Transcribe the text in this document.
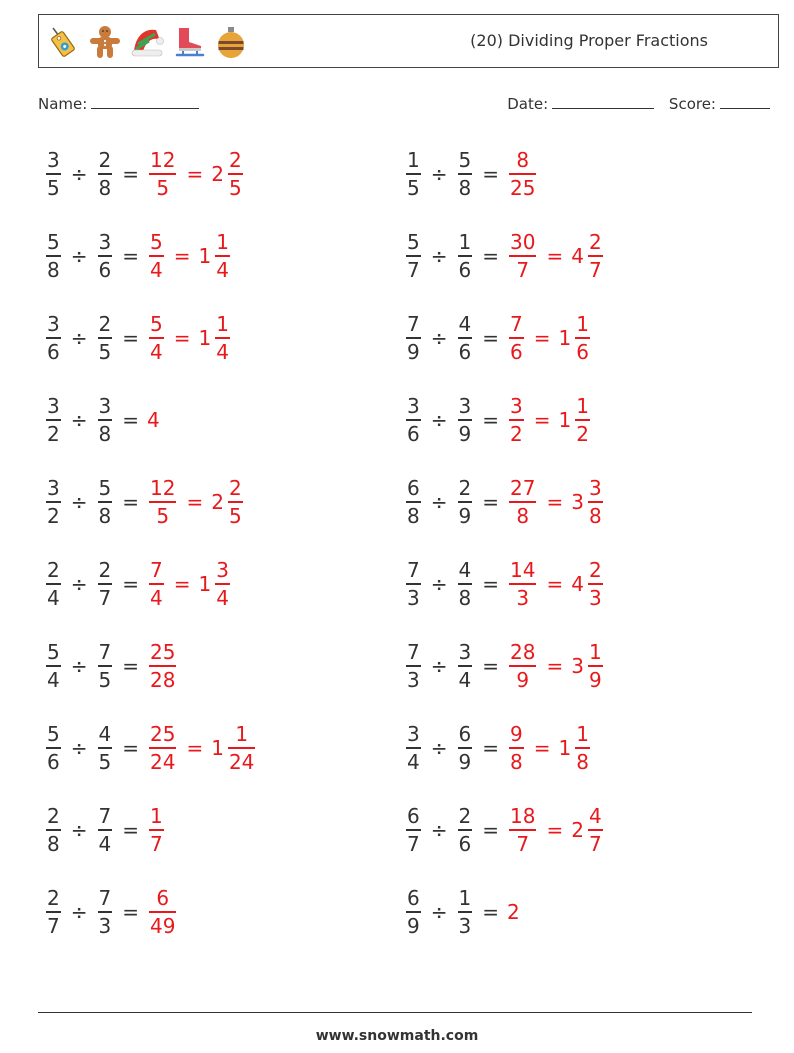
(20) Dividing Proper Fractions
Name:	Date:	Score:
$\frac{3}{5} \div \frac{2}{8} = \frac{12}{5} = 2 \frac{2}{5}$	$\frac{1}{5} \div \frac{5}{8} = \frac{8}{25}$
$\frac{5}{8} \div \frac{3}{6} = \frac{5}{4} = 1 \frac{1}{4}$	$\frac{5}{7} \div \frac{1}{6} = \frac{30}{7} = 4 \frac{2}{7}$
$\frac{3}{6} \div \frac{2}{5} = \frac{5}{4} = 1 \frac{1}{4}$	$\frac{7}{9} \div \frac{4}{6} = \frac{7}{6} = 1 \frac{1}{6}$
$\frac{3}{2} \div \frac{3}{8} = 4$	$\frac{3}{6} \div \frac{3}{9} = \frac{3}{2} = 1 \frac{1}{2}$
$\frac{3}{2} \div \frac{5}{8} = \frac{12}{5} = 2 \frac{2}{5}$	$\frac{6}{8} \div \frac{2}{9} = \frac{27}{8} = 3 \frac{3}{8}$
$\frac{2}{4} \div \frac{2}{7} = \frac{7}{4} = 1 \frac{3}{4}$	$\frac{7}{3} \div \frac{4}{8} = \frac{14}{3} = 4 \frac{2}{3}$
$\frac{5}{4} \div \frac{7}{5} = \frac{25}{28}$	$\frac{7}{3} \div \frac{3}{4} = \frac{28}{9} = 3 \frac{1}{9}$
$\frac{5}{6} \div \frac{4}{5} = \frac{25}{24} = 1 \frac{1}{24}$	$\frac{3}{4} \div \frac{6}{9} = \frac{9}{8} = 1 \frac{1}{8}$
$\frac{2}{8} \div \frac{7}{4} = \frac{1}{7}$	$\frac{6}{7} \div \frac{2}{6} = \frac{18}{7} = 2 \frac{4}{7}$
$\frac{2}{7} \div \frac{7}{3} = \frac{6}{49}$	$\frac{6}{9} \div \frac{1}{3} = 2$
www.snowmath.com
